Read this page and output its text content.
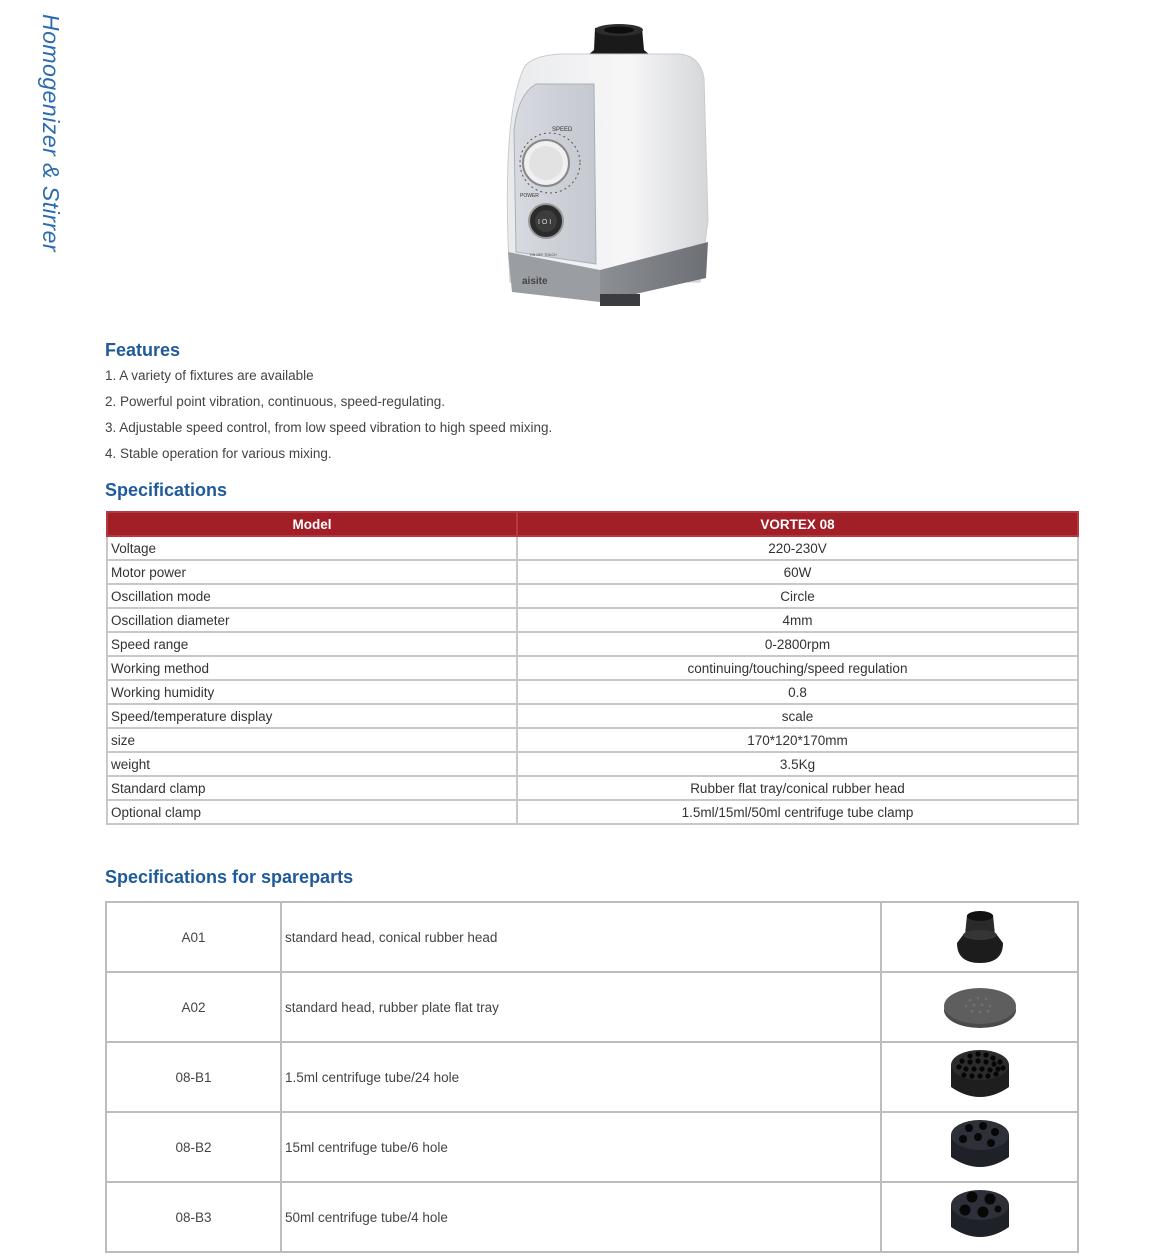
Homogenizer & Stirrer	SPEED
POWER
I O I
ON OFF TOUCH
aisite
Features
1. A variety of fixtures are available
2. Powerful point vibration, continuous, speed-regulating.
3. Adjustable speed control, from low speed vibration to high speed mixing.
4. Stable operation for various mixing.
Specifications
Model	VORTEX 08
Voltage	220-230V
Motor power	60W
Oscillation mode	Circle
Oscillation diameter	4mm
Speed range	0-2800rpm
Working method	continuing/touching/speed regulation
Working humidity	0.8
Speed/temperature display	scale
size	170*120*170mm
weight	3.5Kg
Standard clamp	Rubber flat tray/conical rubber head
Optional clamp	1.5ml/15ml/50ml centrifuge tube clamp
Specifications for spareparts
A01	standard head, conical rubber head	
A02	standard head, rubber plate flat tray	
08-B1	1.5ml centrifuge tube/24 hole	
08-B2	15ml centrifuge tube/6 hole	
08-B3	50ml centrifuge tube/4 hole	
